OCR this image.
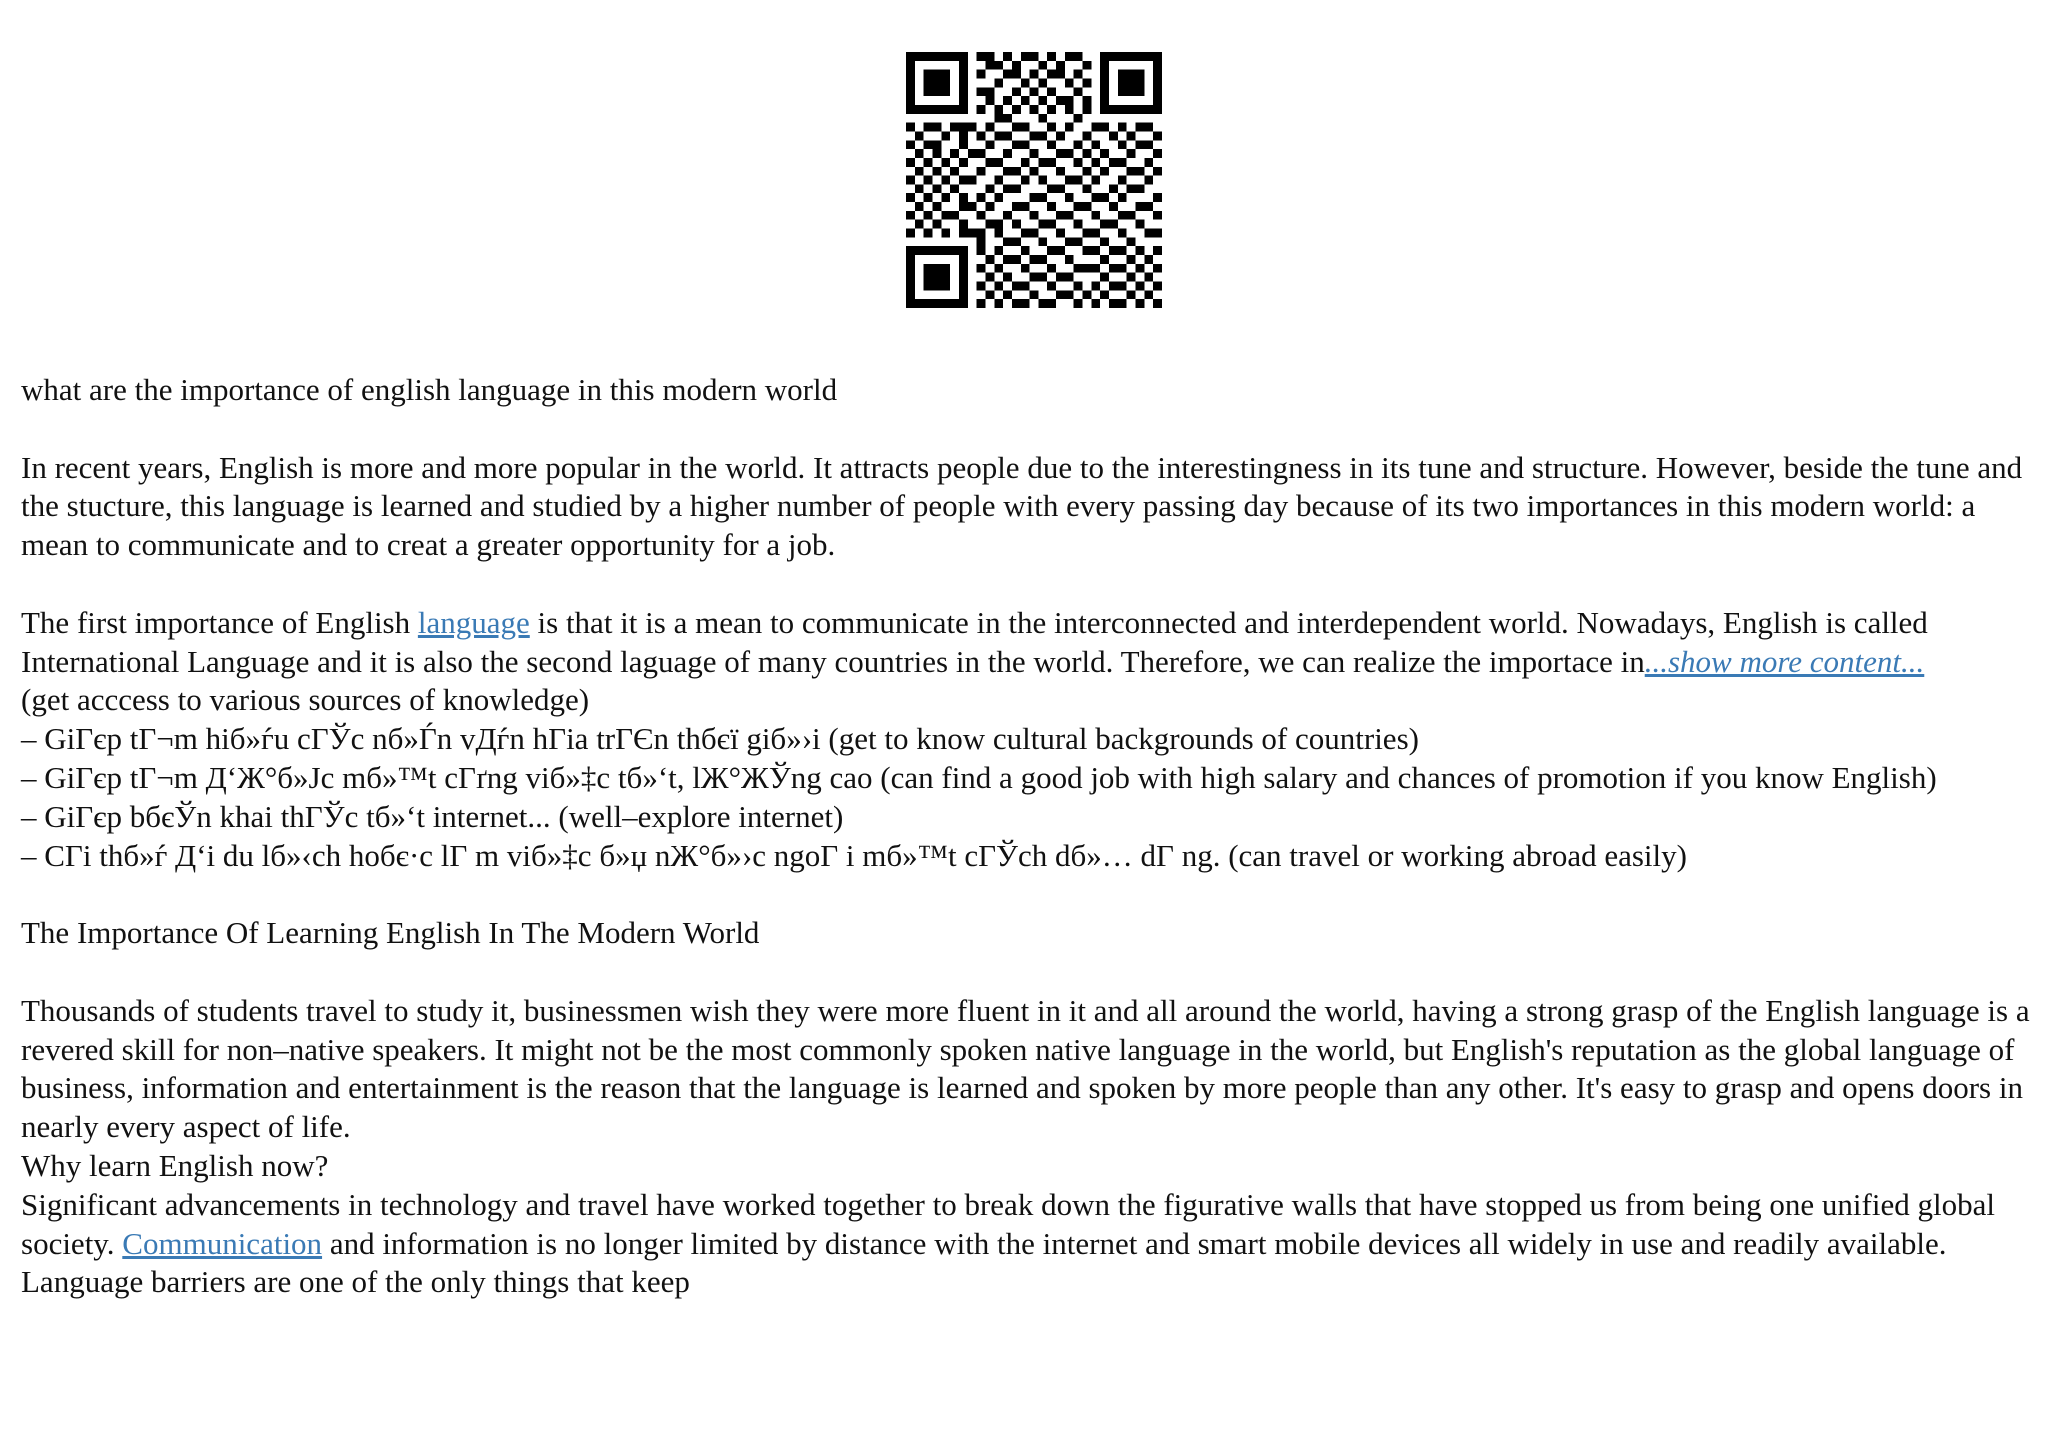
what are the importance of english language in this modern world

In recent years, English is more and more popular in the world. It attracts people due to the interestingness in its tune and structure. However, beside the tune and the stucture, this language is learned and studied by a higher number of people with every passing day because of its two importances in this modern world: a mean to communicate and to creat a greater opportunity for a job.

The first importance of English language is that it is a mean to communicate in the interconnected and interdependent world. Nowadays, English is called International Language and it is also the second laguage of many countries in the world. Therefore, we can realize the importace in...show more content...

(get acccess to various sources of knowledge)

– GiГєp tГ¬m hiб»ѓu cГЎc nб»Ѓn vДѓn hГіa trГЄn thбєї giб»›i (get to know cultural backgrounds of countries)

– GiГєp tГ¬m Д‘Ж°б»Јc mб»™t cГґng viб»‡c tб»‘t, lЖ°ЖЎng cao (can find a good job with high salary and chances of promotion if you know English)

– GiГєp bбєЎn khai thГЎc tб»‘t internet... (well–explore internet)

– CГі thб»ѓ Д‘i du lб»‹ch hoбє·c lГ m viб»‡c б»џ nЖ°б»›c ngoГ i mб»™t cГЎch dб»… dГ ng. (can travel or working abroad easily)

The Importance Of Learning English In The Modern World

Thousands of students travel to study it, businessmen wish they were more fluent in it and all around the world, having a strong grasp of the English language is a revered skill for non–native speakers. It might not be the most commonly spoken native language in the world, but English's reputation as the global language of business, information and entertainment is the reason that the language is learned and spoken by more people than any other. It's easy to grasp and opens doors in nearly every aspect of life.

Why learn English now?

Significant advancements in technology and travel have worked together to break down the figurative walls that have stopped us from being one unified global society. Communication and information is no longer limited by distance with the internet and smart mobile devices all widely in use and readily available. Language barriers are one of the only things that keep
